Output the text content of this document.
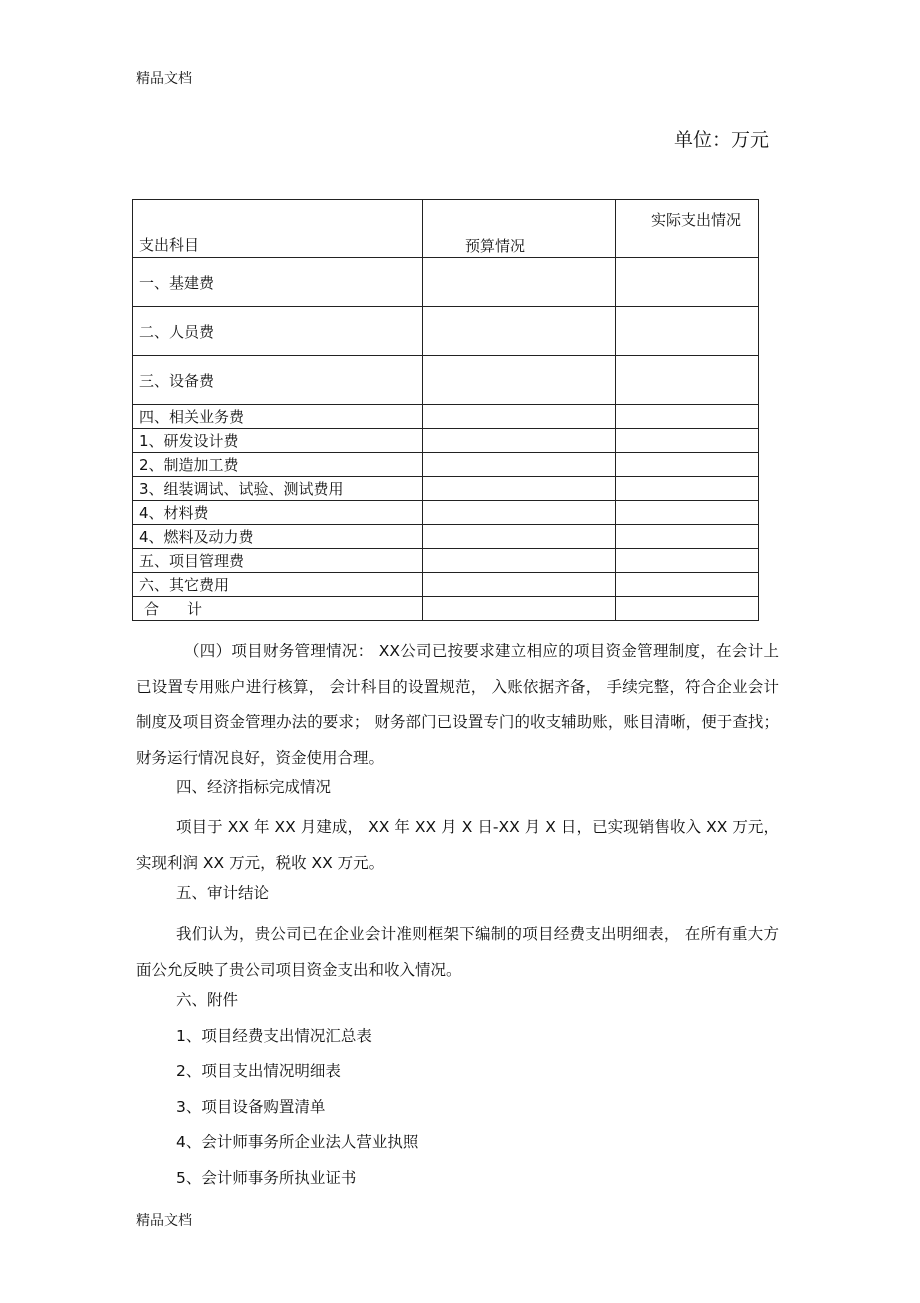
精品文档
单位：万元
支出科目	预算情况	实际支出情况
一、基建费		
二、人员费		
三、设备费		
四、相关业务费		
1、研发设计费		
2、制造加工费		
3、组装调试、试验、测试费用		
4、材料费		
4、燃料及动力费		
五、项目管理费		
六、其它费用		
合 计		
（四）项目财务管理情况： XX公司已按要求建立相应的项目资金管理制度，在会计上已设置专用账户进行核算， 会计科目的设置规范， 入账依据齐备， 手续完整，符合企业会计制度及项目资金管理办法的要求； 财务部门已设置专门的收支辅助账，账目清晰，便于查找；财务运行情况良好，资金使用合理。
四、经济指标完成情况
项目于 XX 年 XX 月建成， XX 年 XX 月 X 日-XX 月 X 日，已实现销售收入 XX 万元，实现利润 XX 万元，税收 XX 万元。
五、审计结论
我们认为，贵公司已在企业会计准则框架下编制的项目经费支出明细表， 在所有重大方面公允反映了贵公司项目资金支出和收入情况。
六、附件
1、项目经费支出情况汇总表
2、项目支出情况明细表
3、项目设备购置清单
4、会计师事务所企业法人营业执照
5、会计师事务所执业证书
精品文档
